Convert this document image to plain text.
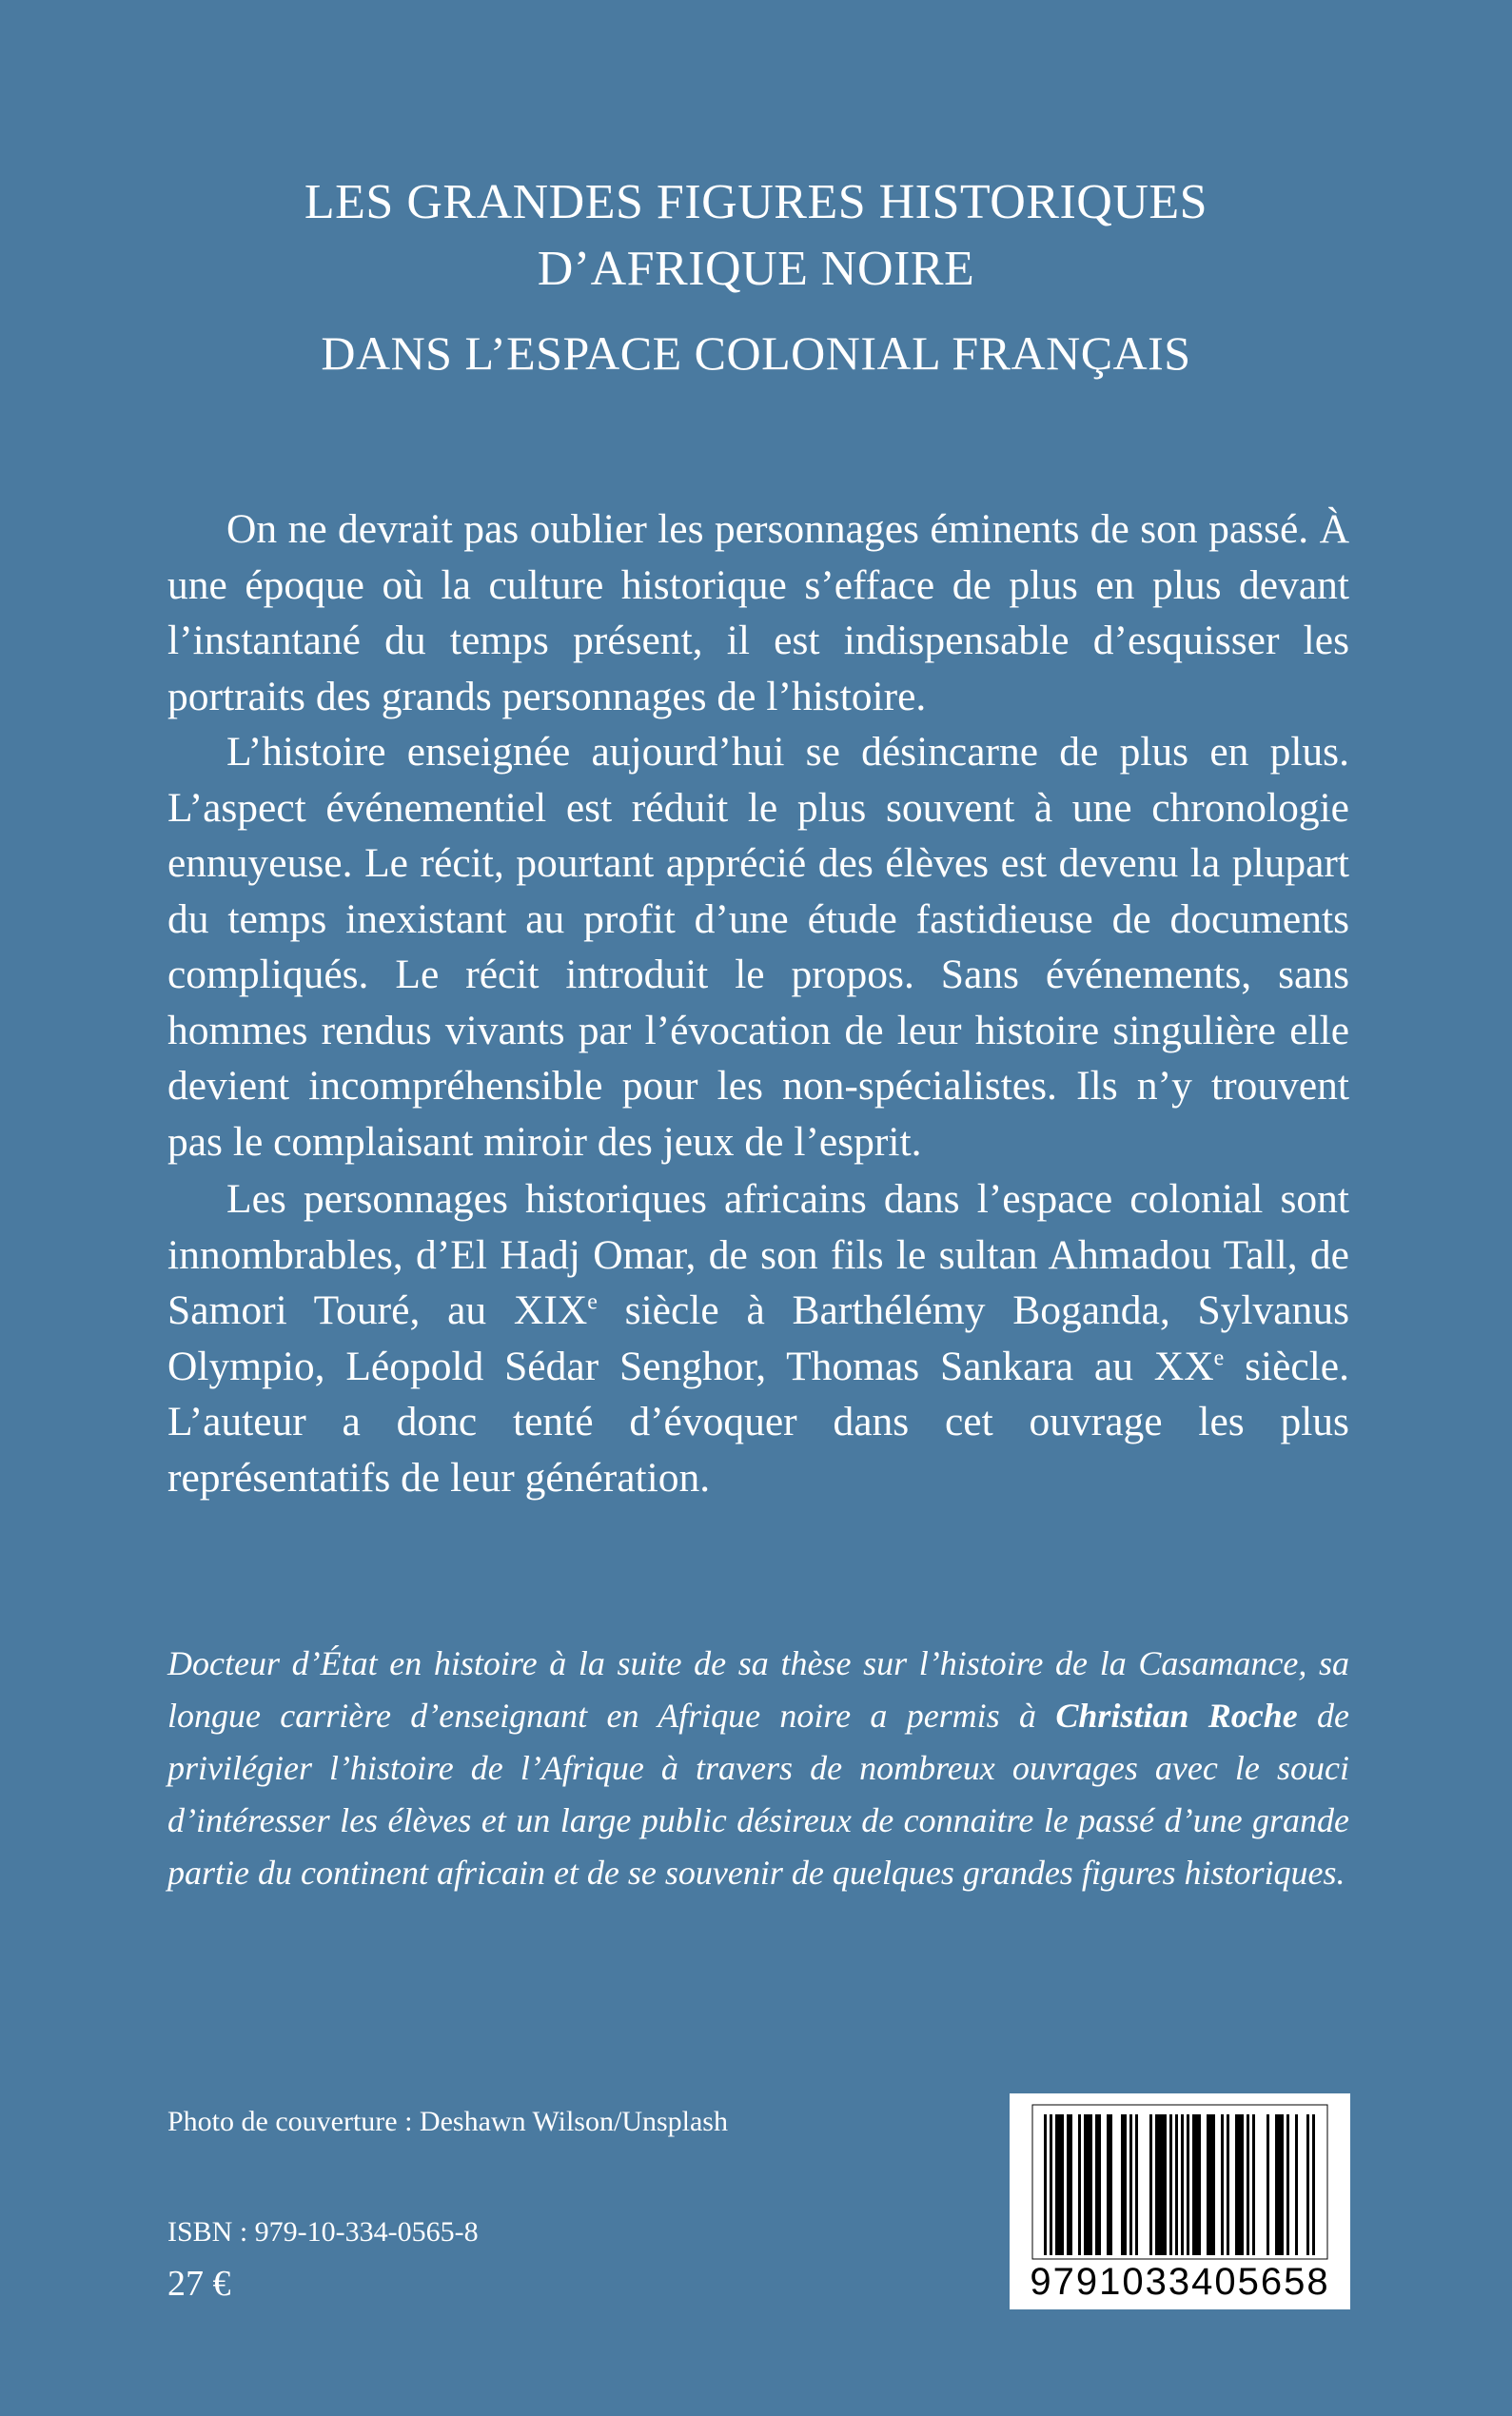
LES GRANDES FIGURES HISTORIQUES
D’AFRIQUE NOIRE
DANS L’ESPACE COLONIAL FRANÇAIS

On ne devrait pas oublier les personnages éminents de son passé. À une époque où la culture historique s’efface de plus en plus devant l’instantané du temps présent, il est indispensable d’esquisser les portraits des grands personnages de l’histoire.

L’histoire enseignée aujourd’hui se désincarne de plus en plus. L’aspect événementiel est réduit le plus souvent à une chronologie ennuyeuse. Le récit, pourtant apprécié des élèves est devenu la plupart du temps inexistant au profit d’une étude fastidieuse de documents compliqués. Le récit introduit le propos. Sans événements, sans hommes rendus vivants par l’évocation de leur histoire singulière elle devient incompréhensible pour les non-spécialistes. Ils n’y trouvent pas le complaisant miroir des jeux de l’esprit.

Les personnages historiques africains dans l’espace colonial sont innombrables, d’El Hadj Omar, de son fils le sultan Ahmadou Tall, de Samori Touré, au XIXe siècle à Barthélémy Boganda, Sylvanus Olympio, Léopold Sédar Senghor, Thomas Sankara au XXe siècle. L’auteur a donc tenté d’évoquer dans cet ouvrage les plus représentatifs de leur génération.

Docteur d’État en histoire à la suite de sa thèse sur l’histoire de la Casamance, sa longue carrière d’enseignant en Afrique noire a permis à Christian Roche de privilégier l’histoire de l’Afrique à travers de nombreux ouvrages avec le souci d’intéresser les élèves et un large public désireux de connaitre le passé d’une grande partie du continent africain et de se souvenir de quelques grandes figures historiques.
Photo de couverture : Deshawn Wilson/Unsplash
ISBN : 979-10-334-0565-8
27 €	9791033405658
